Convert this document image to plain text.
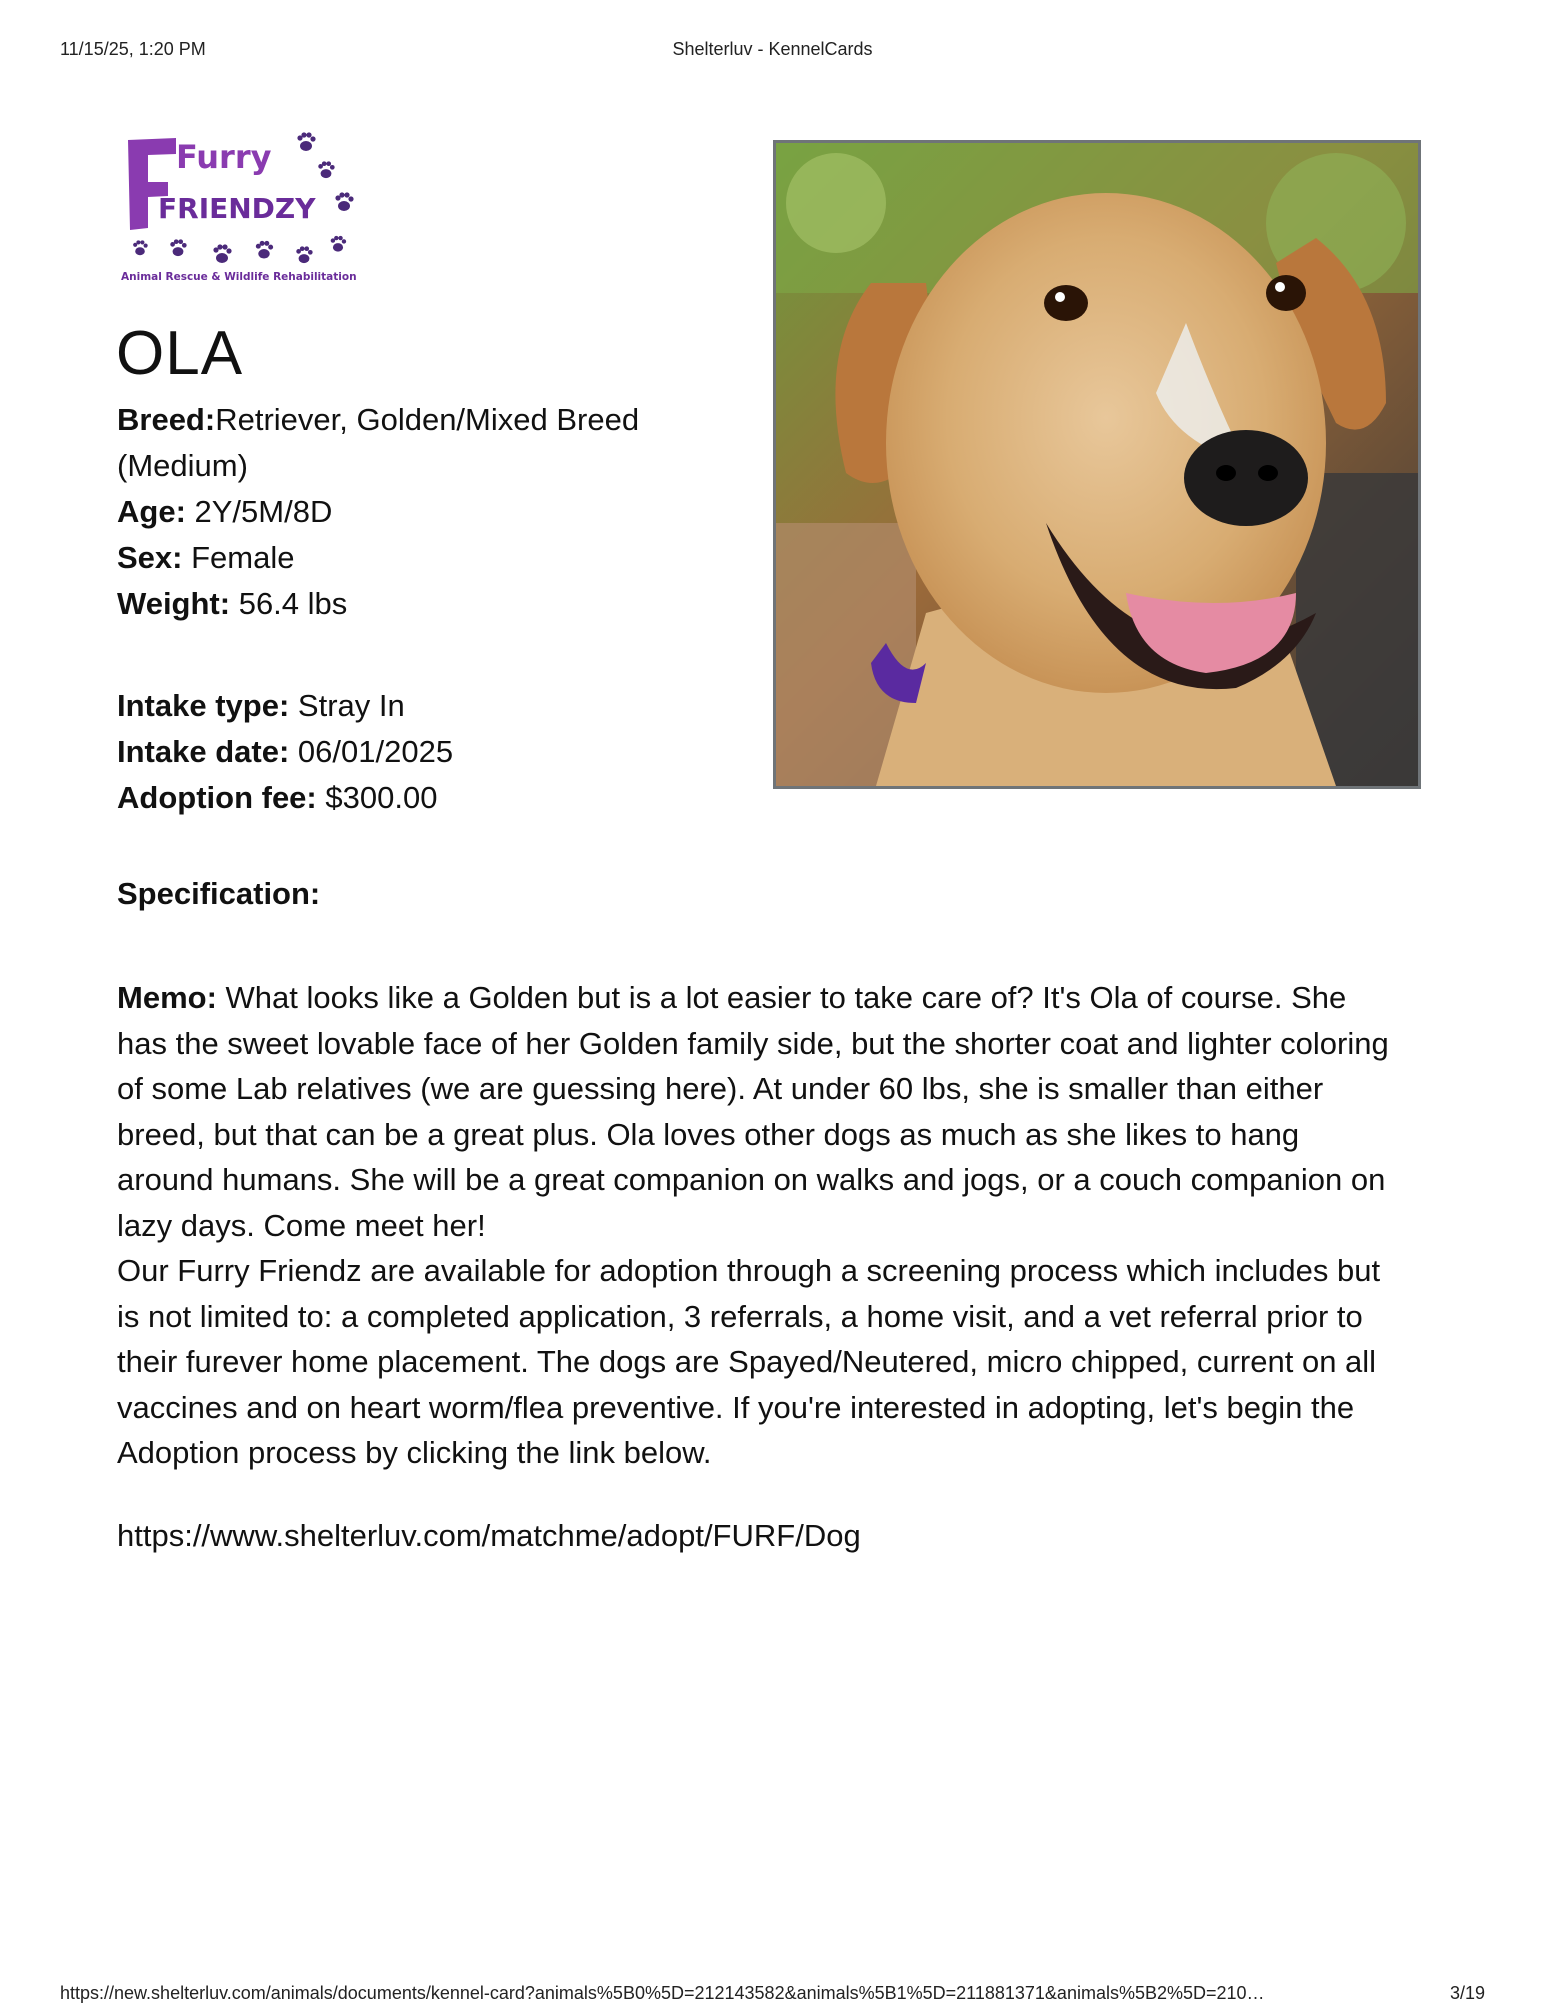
11/15/25, 1:20 PM	Shelterluv - KennelCards
Furry
FRIENDZY
Animal Rescue & Wildlife Rehabilitation
OLA
Breed:Retriever, Golden/Mixed Breed (Medium)
Age: 2Y/5M/8D
Sex: Female
Weight: 56.4 lbs
Intake type: Stray In
Intake date: 06/01/2025
Adoption fee: $300.00
Specification:

Memo: What looks like a Golden but is a lot easier to take care of? It's Ola of course. She has the sweet lovable face of her Golden family side, but the shorter coat and lighter coloring of some Lab relatives (we are guessing here). At under 60 lbs, she is smaller than either breed, but that can be a great plus. Ola loves other dogs as much as she likes to hang around humans. She will be a great companion on walks and jogs, or a couch companion on lazy days. Come meet her!

Our Furry Friendz are available for adoption through a screening process which includes but is not limited to: a completed application, 3 referrals, a home visit, and a vet referral prior to their furever home placement. The dogs are Spayed/Neutered, micro chipped, current on all vaccines and on heart worm/flea preventive. If you're interested in adopting, let's begin the Adoption process by clicking the link below.

https://www.shelterluv.com/matchme/adopt/FURF/Dog
https://new.shelterluv.com/animals/documents/kennel-card?animals%5B0%5D=212143582&animals%5B1%5D=211881371&animals%5B2%5D=210…	3/19
